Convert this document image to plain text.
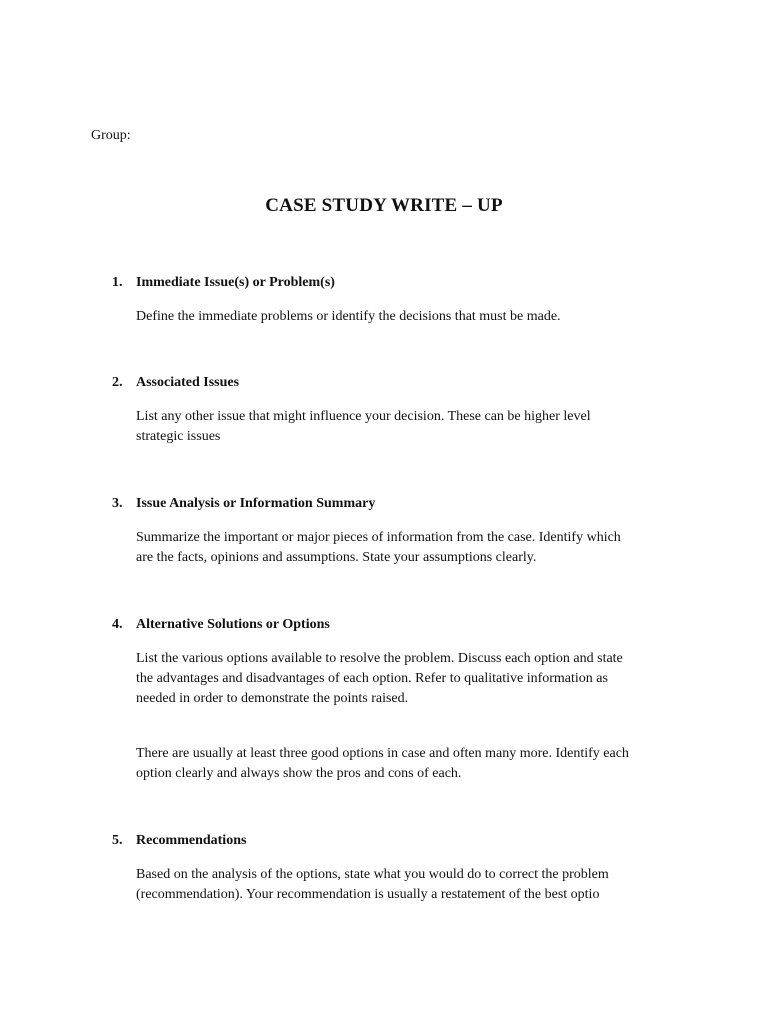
Group:
CASE STUDY WRITE – UP
1. Immediate Issue(s) or Problem(s)
Define the immediate problems or identify the decisions that must be made.
2. Associated Issues
List any other issue that might influence your decision. These can be higher level
strategic issues
3. Issue Analysis or Information Summary
Summarize the important or major pieces of information from the case. Identify which
are the facts, opinions and assumptions. State your assumptions clearly.
4. Alternative Solutions or Options
List the various options available to resolve the problem. Discuss each option and state
the advantages and disadvantages of each option. Refer to qualitative information as
needed in order to demonstrate the points raised.
There are usually at least three good options in case and often many more. Identify each
option clearly and always show the pros and cons of each.
5. Recommendations
Based on the analysis of the options, state what you would do to correct the problem
(recommendation). Your recommendation is usually a restatement of the best optio
